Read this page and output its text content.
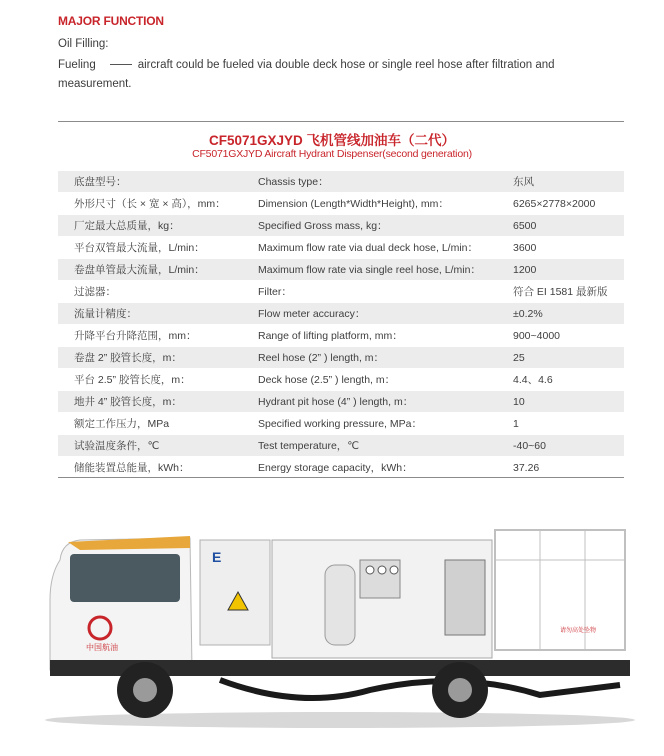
MAJOR FUNCTION
Oil Filling:
Fueling	aircraft could be fueled via double deck hose or single reel hose after filtration and measurement.
CF5071GXJYD 飞机管线加油车（二代）
CF5071GXJYD Aircraft Hydrant Dispenser(second generation)
底盘型号：	Chassis type：	东风
外形尺寸（长 × 宽 × 高），mm：	Dimension (Length*Width*Height), mm：	6265×2778×2000
厂定最大总质量，kg：	Specified Gross mass, kg：	6500
平台双管最大流量，L/min：	Maximum flow rate via dual deck hose, L/min：	3600
卷盘单管最大流量，L/min：	Maximum flow rate via single reel hose, L/min：	1200
过滤器：	Filter：	符合 EI 1581 最新版
流量计精度：	Flow meter accuracy：	±0.2%
升降平台升降范围，mm：	Range of lifting platform, mm：	900~4000
卷盘 2” 胶管长度，m：	Reel hose (2” ) length, m：	25
平台 2.5” 胶管长度，m：	Deck hose (2.5” ) length, m：	4.4、4.6
地井 4” 胶管长度，m：	Hydrant pit hose (4” ) length, m：	10
额定工作压力，MPa	Specified working pressure, MPa：	1
试验温度条件，℃	Test temperature，℃	-40~60
储能装置总能量，kWh：	Energy storage capacity，kWh：	37.26
中国航油
E
请勿高处坠物
